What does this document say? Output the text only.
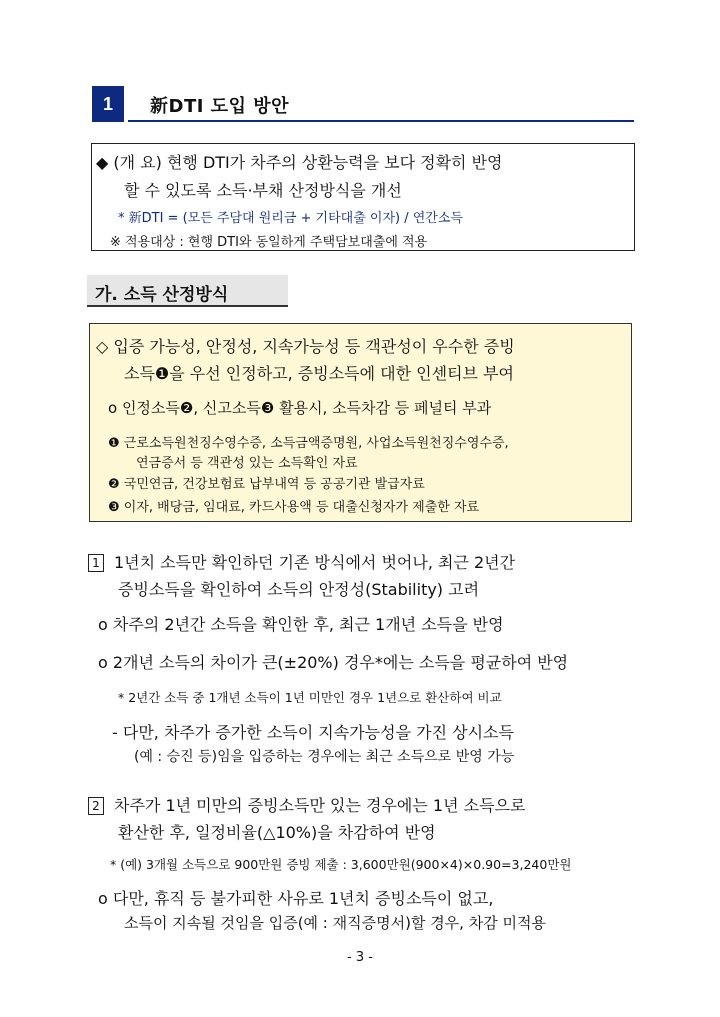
1	新DTI 도입 방안
◆ (개 요) 현행 DTI가 차주의 상환능력을 보다 정확히 반영
할 수 있도록 소득·부채 산정방식을 개선
* 新DTI = (모든 주담대 원리금 + 기타대출 이자) / 연간소득
※ 적용대상 : 현행 DTI와 동일하게 주택담보대출에 적용
가. 소득 산정방식
◇ 입증 가능성, 안정성, 지속가능성 등 객관성이 우수한 증빙
소득❶을 우선 인정하고, 증빙소득에 대한 인센티브 부여
ο 인정소득❷, 신고소득❸ 활용시, 소득차감 등 페널티 부과
❶ 근로소득원천징수영수증, 소득금액증명원, 사업소득원천징수영수증,
연금증서 등 객관성 있는 소득확인 자료
❷ 국민연금, 건강보험료 납부내역 등 공공기관 발급자료
❸ 이자, 배당금, 임대료, 카드사용액 등 대출신청자가 제출한 자료
1 1년치 소득만 확인하던 기존 방식에서 벗어나, 최근 2년간
증빙소득을 확인하여 소득의 안정성(Stability) 고려
ο 차주의 2년간 소득을 확인한 후, 최근 1개년 소득을 반영
ο 2개년 소득의 차이가 큰(±20%) 경우*에는 소득을 평균하여 반영
* 2년간 소득 중 1개년 소득이 1년 미만인 경우 1년으로 환산하여 비교
- 다만, 차주가 증가한 소득이 지속가능성을 가진 상시소득
(예 : 승진 등)임을 입증하는 경우에는 최근 소득으로 반영 가능
2 차주가 1년 미만의 증빙소득만 있는 경우에는 1년 소득으로
환산한 후, 일정비율(△10%)을 차감하여 반영
* (예) 3개월 소득으로 900만원 증빙 제출 : 3,600만원(900×4)×0.90=3,240만원
ο 다만, 휴직 등 불가피한 사유로 1년치 증빙소득이 없고,
소득이 지속될 것임을 입증(예 : 재직증명서)할 경우, 차감 미적용
- 3 -
